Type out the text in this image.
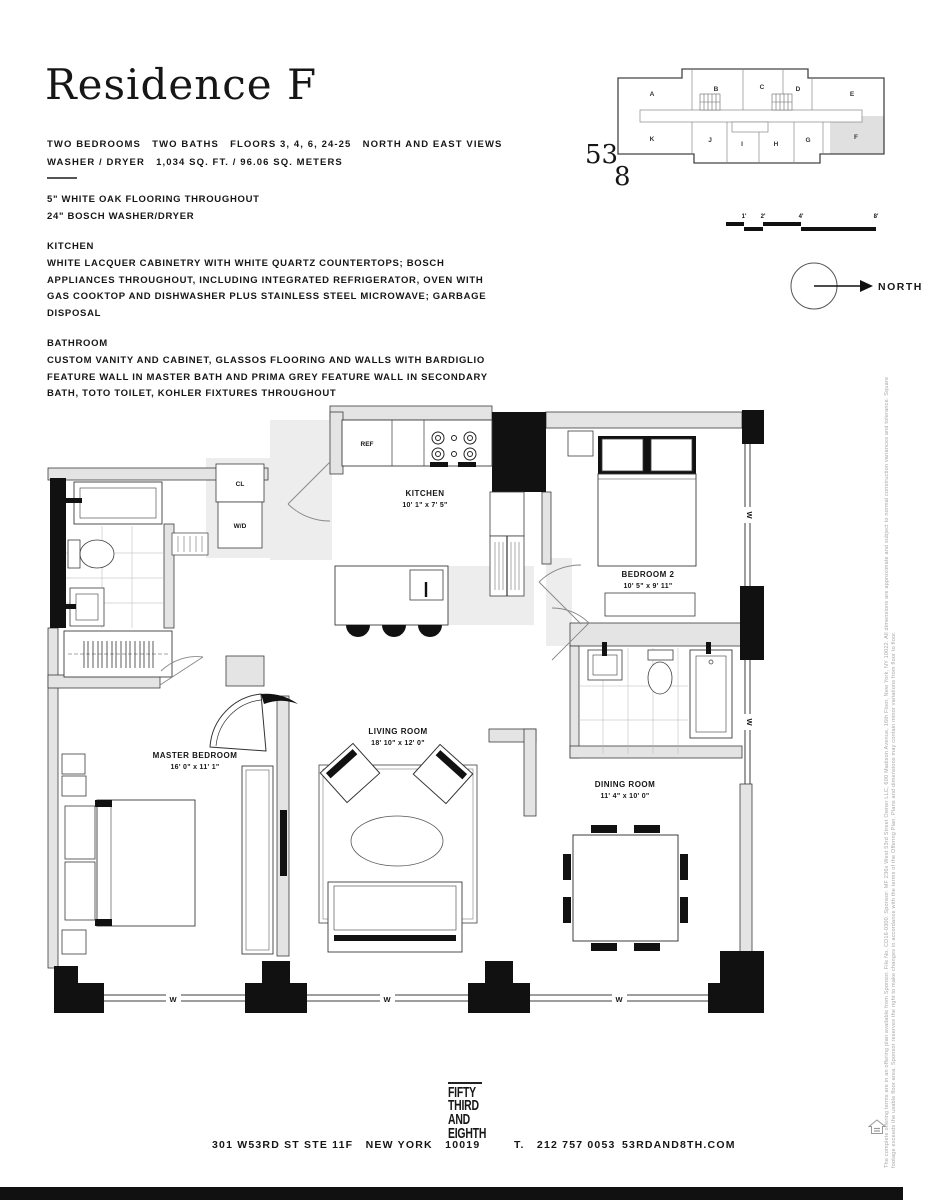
Residence F
TWO BEDROOMS   TWO BATHS   FLOORS 3, 4, 6, 24-25   NORTH AND EAST VIEWS
WASHER / DRYER   1,034 SQ. FT. / 96.06 SQ. METERS
5" WHITE OAK FLOORING THROUGHOUT
24" BOSCH WASHER/DRYER
KITCHEN
WHITE LACQUER CABINETRY WITH WHITE QUARTZ COUNTERTOPS; BOSCH APPLIANCES THROUGHOUT, INCLUDING INTEGRATED REFRIGERATOR, OVEN WITH GAS COOKTOP AND DISHWASHER PLUS STAINLESS STEEL MICROWAVE; GARBAGE DISPOSAL
BATHROOM
CUSTOM VANITY AND CABINET, GLASSOS FLOORING AND WALLS WITH BARDIGLIO FEATURE WALL IN MASTER BATH AND PRIMA GREY FEATURE WALL IN SECONDARY BATH, TOTO TOILET, KOHLER FIXTURES THROUGHOUT
53
8
A
B	C	D
E
K	J
I	H
G	F
1' 2'	4'	8'
NORTH
W	W	W
W
W
REF
CL
W/D
KITCHEN
10' 1" x 7' 5"
BEDROOM 2
10' 5" x 9' 11"
LIVING ROOM
18' 10" x 12' 0"
MASTER BEDROOM
16' 0" x 11' 1"
DINING ROOM
11' 4" x 10' 0"	The complete offering terms are in an offering plan available from Sponsor. File No. CD16-0300. Sponsor: MF 236x West 53rd Street Owner LLC, 600 Madison Avenue, 16th Floor, New York, NY 10022. All dimensions are approximate and subject to normal construction variances and tolerance. Square footage exceeds the usable floor area. Sponsor reserves the right to make changes in accordance with the terms of the Offering Plan. Plans and dimensions may contain minor variations from floor to floor.
301 W53RD ST STE 11F   NEW YORK   10019
FIFTY
THIRD
AND
EIGHTH
T.   212 757 0053 53RDAND8TH.COM
